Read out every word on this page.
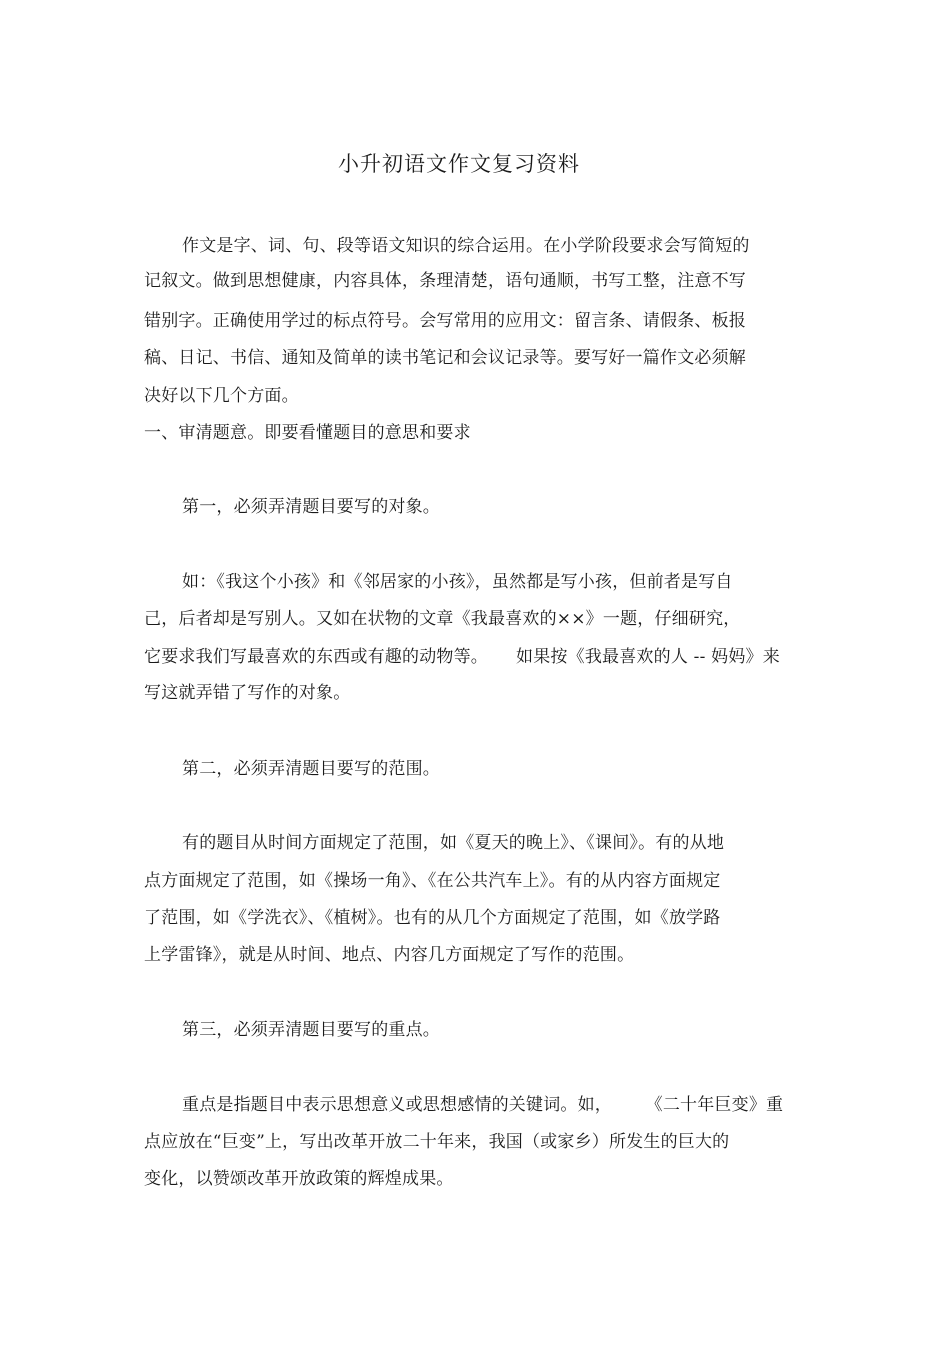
小升初语文作文复习资料
作文是字、词、句、段等语文知识的综合运用。在小学阶段要求会写简短的
记叙文。做到思想健康，内容具体，条理清楚，语句通顺，书写工整，注意不写
错别字。正确使用学过的标点符号。会写常用的应用文：留言条、请假条、板报
稿、日记、书信、通知及简单的读书笔记和会议记录等。要写好一篇作文必须解
决好以下几个方面。
一、审清题意。即要看懂题目的意思和要求
第一，必须弄清题目要写的对象。
如：《我这个小孩》和《邻居家的小孩》，虽然都是写小孩，但前者是写自
己，后者却是写别人。又如在状物的文章《我最喜欢的××》一题，仔细研究，
它要求我们写最喜欢的东西或有趣的动物等。     如果按《我最喜欢的人 -- 妈妈》来
写这就弄错了写作的对象。
第二，必须弄清题目要写的范围。
有的题目从时间方面规定了范围，如《夏天的晚上》、《课间》。有的从地
点方面规定了范围，如《操场一角》、《在公共汽车上》。有的从内容方面规定
了范围，如《学洗衣》、《植树》。也有的从几个方面规定了范围，如《放学路
上学雷锋》，就是从时间、地点、内容几方面规定了写作的范围。
第三，必须弄清题目要写的重点。
重点是指题目中表示思想意义或思想感情的关键词。如，      《二十年巨变》重
点应放在“巨变”上，写出改革开放二十年来，我国（或家乡）所发生的巨大的
变化，以赞颂改革开放政策的辉煌成果。
